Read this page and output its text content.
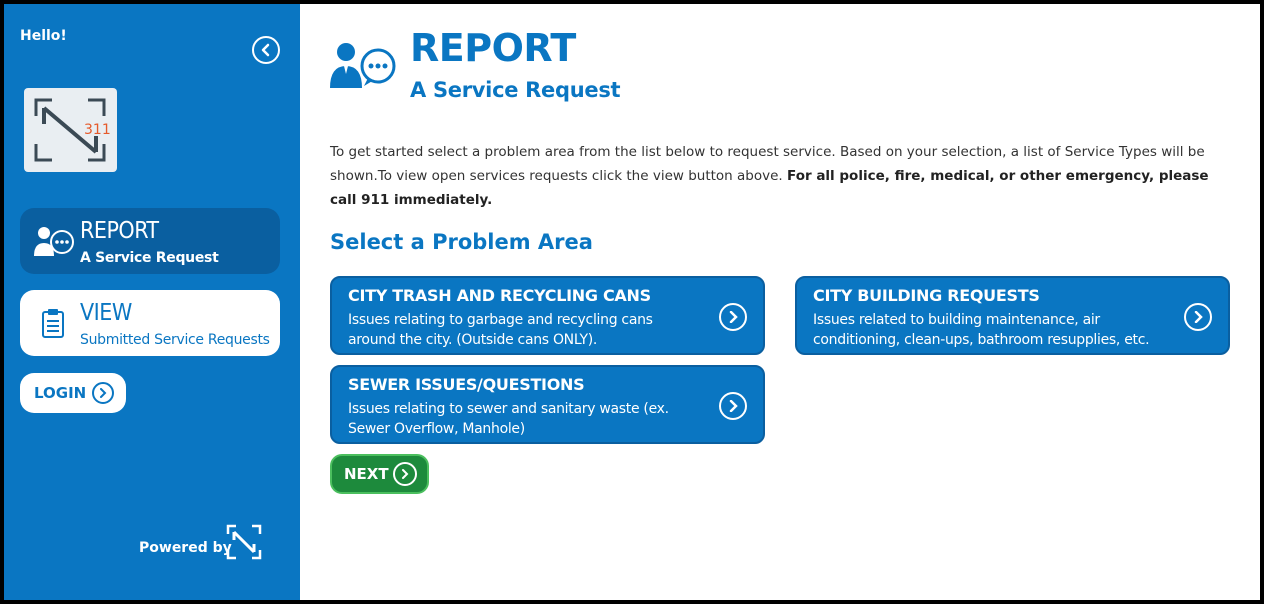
Hello!
311
REPORT
A Service Request
VIEW
Submitted Service Requests
LOGIN
Powered by
REPORT
A Service Request

To get started select a problem area from the list below to request service. Based on your selection, a list of Service Types will be shown.To view open services requests click the view button above. For all police, fire, medical, or other emergency, please call 911 immediately.

Select a Problem Area
CITY TRASH AND RECYCLING CANS
Issues relating to garbage and recycling cans around the city. (Outside cans ONLY).
CITY BUILDING REQUESTS
Issues related to building maintenance, air conditioning, clean-ups, bathroom resupplies, etc.
SEWER ISSUES/QUESTIONS
Issues relating to sewer and sanitary waste (ex. Sewer Overflow, Manhole)
NEXT
